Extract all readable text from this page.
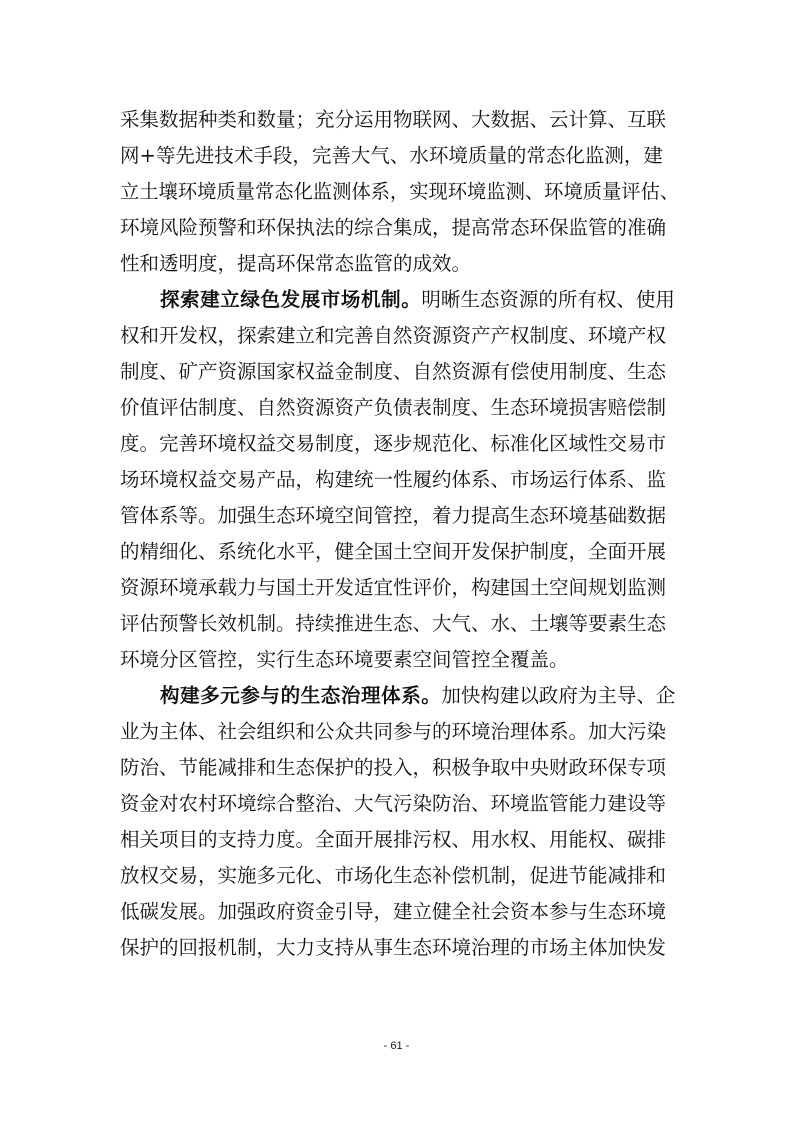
采集数据种类和数量；充分运用物联网、大数据、云计算、互联
网+等先进技术手段，完善大气、水环境质量的常态化监测，建
立土壤环境质量常态化监测体系，实现环境监测、环境质量评估、
环境风险预警和环保执法的综合集成，提高常态环保监管的准确
性和透明度，提高环保常态监管的成效。
探索建立绿色发展市场机制。明晰生态资源的所有权、使用
权和开发权，探索建立和完善自然资源资产产权制度、环境产权
制度、矿产资源国家权益金制度、自然资源有偿使用制度、生态
价值评估制度、自然资源资产负债表制度、生态环境损害赔偿制
度。完善环境权益交易制度，逐步规范化、标准化区域性交易市
场环境权益交易产品，构建统一性履约体系、市场运行体系、监
管体系等。加强生态环境空间管控，着力提高生态环境基础数据
的精细化、系统化水平，健全国土空间开发保护制度，全面开展
资源环境承载力与国土开发适宜性评价，构建国土空间规划监测
评估预警长效机制。持续推进生态、大气、水、土壤等要素生态
环境分区管控，实行生态环境要素空间管控全覆盖。
构建多元参与的生态治理体系。加快构建以政府为主导、企
业为主体、社会组织和公众共同参与的环境治理体系。加大污染
防治、节能减排和生态保护的投入，积极争取中央财政环保专项
资金对农村环境综合整治、大气污染防治、环境监管能力建设等
相关项目的支持力度。全面开展排污权、用水权、用能权、碳排
放权交易，实施多元化、市场化生态补偿机制，促进节能减排和
低碳发展。加强政府资金引导，建立健全社会资本参与生态环境
保护的回报机制，大力支持从事生态环境治理的市场主体加快发
- 61 -
